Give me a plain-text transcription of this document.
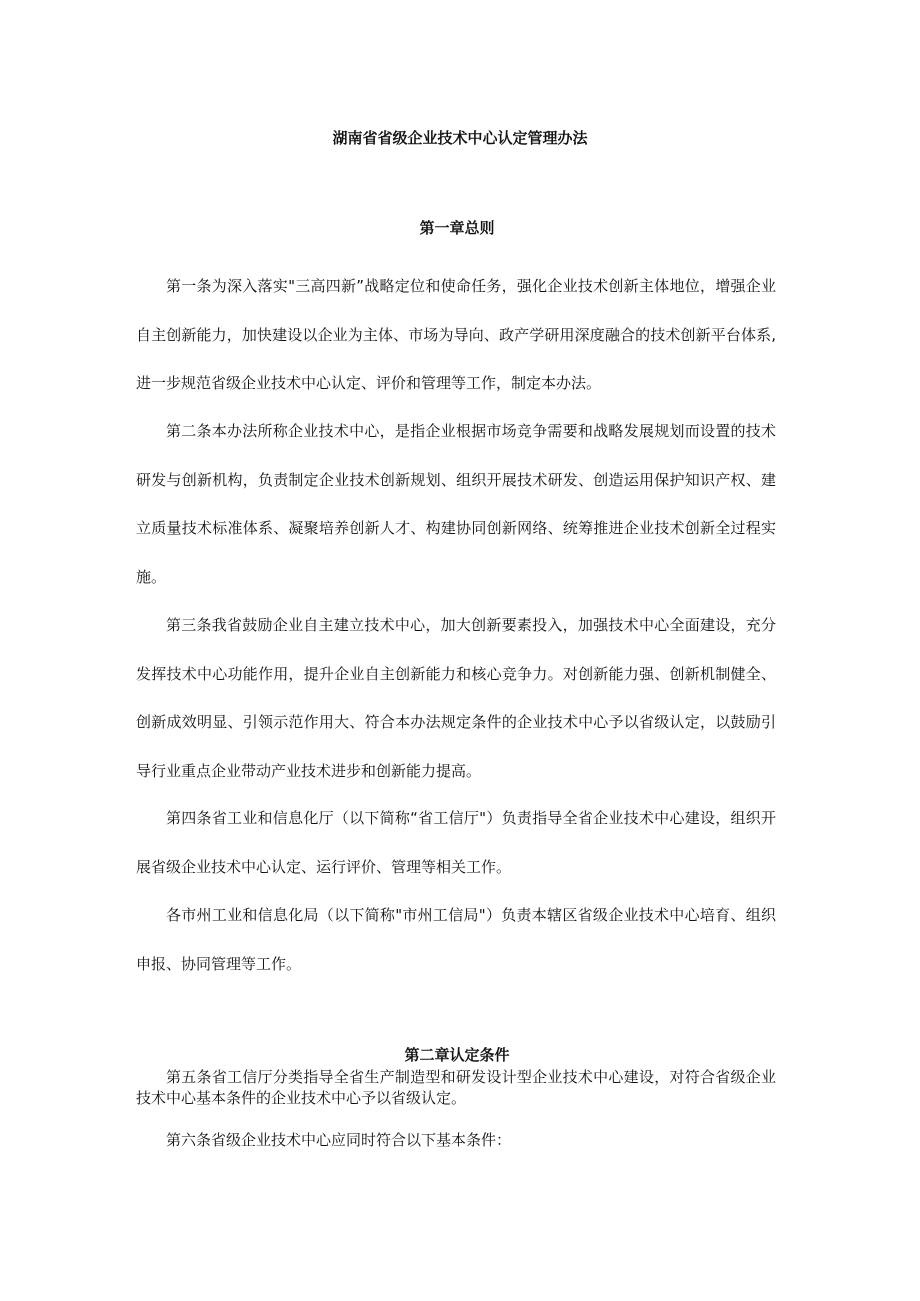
湖南省省级企业技术中心认定管理办法
第一章总则

第一条为深入落实"三高四新”战略定位和使命任务，强化企业技术创新主体地位，增强企业自主创新能力，加快建设以企业为主体、市场为导向、政产学研用深度融合的技术创新平台体系,进一步规范省级企业技术中心认定、评价和管理等工作，制定本办法。

第二条本办法所称企业技术中心，是指企业根据市场竞争需要和战略发展规划而设置的技术研发与创新机构，负责制定企业技术创新规划、组织开展技术研发、创造运用保护知识产权、建立质量技术标准体系、凝聚培养创新人才、构建协同创新网络、统筹推进企业技术创新全过程实施。

第三条我省鼓励企业自主建立技术中心，加大创新要素投入，加强技术中心全面建设，充分发挥技术中心功能作用，提升企业自主创新能力和核心竞争力。对创新能力强、创新机制健全、创新成效明显、引领示范作用大、符合本办法规定条件的企业技术中心予以省级认定，以鼓励引导行业重点企业带动产业技术进步和创新能力提高。

第四条省工业和信息化厅（以下简称“省工信厅"）负责指导全省企业技术中心建设，组织开展省级企业技术中心认定、运行评价、管理等相关工作。

各市州工业和信息化局（以下简称"市州工信局"）负责本辖区省级企业技术中心培育、组织申报、协同管理等工作。

第二章认定条件

第五条省工信厅分类指导全省生产制造型和研发设计型企业技术中心建设，对符合省级企业技术中心基本条件的企业技术中心予以省级认定。

第六条省级企业技术中心应同时符合以下基本条件：
